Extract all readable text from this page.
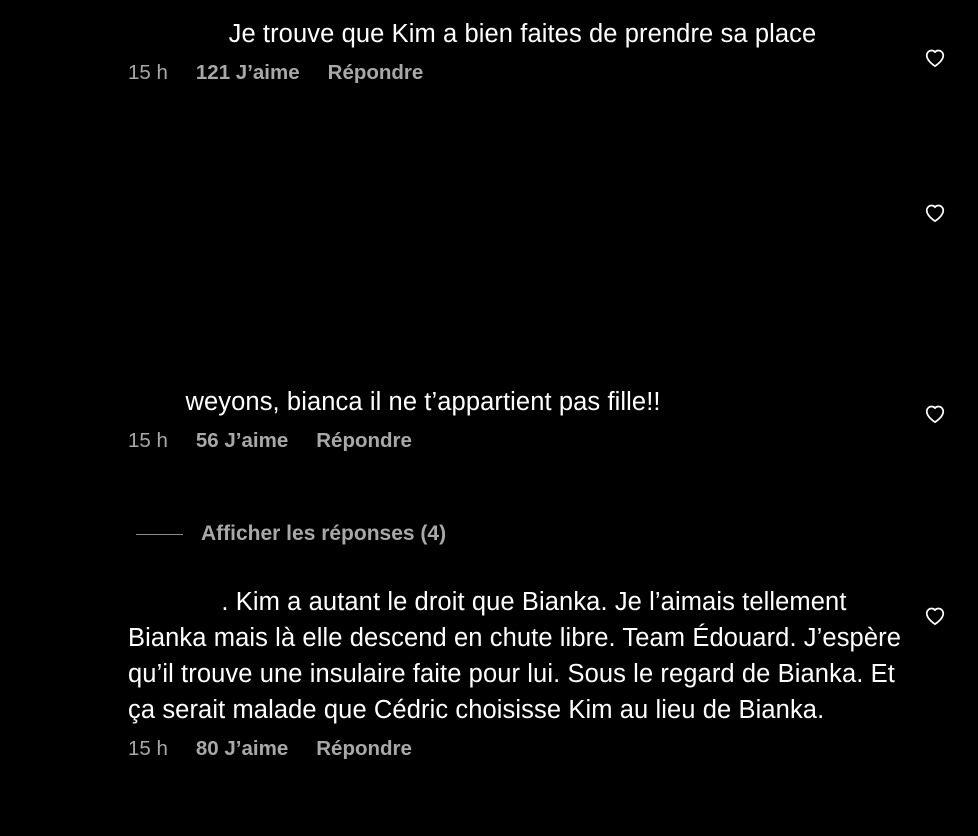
Je trouve que Kim a bien faites de prendre sa place
15 h 121 J’aime Répondre
weyons, bianca il ne t’appartient pas fille!!
15 h 56 J’aime Répondre
Afficher les réponses (4)
. Kim a autant le droit que Bianka. Je l’aimais tellement Bianka mais là elle descend en chute libre. Team Édouard. J’espère qu’il trouve une insulaire faite pour lui. Sous le regard de Bianka. Et ça serait malade que Cédric choisisse Kim au lieu de Bianka.
15 h 80 J’aime Répondre
